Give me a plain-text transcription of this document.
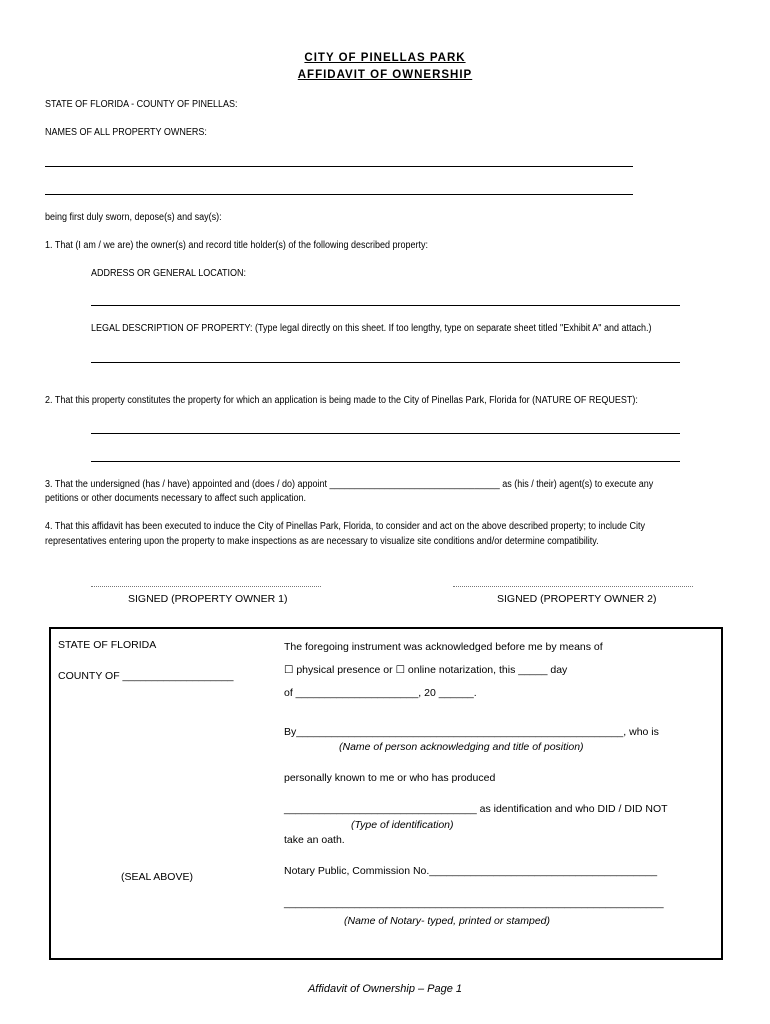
CITY OF PINELLAS PARK
AFFIDAVIT OF OWNERSHIP
STATE OF FLORIDA - COUNTY OF PINELLAS:
NAMES OF ALL PROPERTY OWNERS:
being first duly sworn, depose(s) and say(s):
1. That (I am / we are) the owner(s) and record title holder(s) of the following described property:
ADDRESS OR GENERAL LOCATION:
LEGAL DESCRIPTION OF PROPERTY: (Type legal directly on this sheet. If too lengthy, type on separate sheet titled "Exhibit A" and attach.)
2. That this property constitutes the property for which an application is being made to the City of Pinellas Park, Florida for (NATURE OF REQUEST):
3. That the undersigned (has / have) appointed and (does / do) appoint __________________________________ as (his / their) agent(s) to execute any
petitions or other documents necessary to affect such application.
4. That this affidavit has been executed to induce the City of Pinellas Park, Florida, to consider and act on the above described property; to include City
representatives entering upon the property to make inspections as are necessary to visualize site conditions and/or determine compatibility.
SIGNED (PROPERTY OWNER 1)	SIGNED (PROPERTY OWNER 2)
STATE OF FLORIDA
COUNTY OF ___________________
The foregoing instrument was acknowledged before me by means of
☐ physical presence or ☐ online notarization, this _____ day
of _____________________, 20 ______.
By________________________________________________________, who is
(Name of person acknowledging and title of position)
personally known to me or who has produced
_________________________________ as identification and who DID / DID NOT
(Type of identification)
take an oath.
(SEAL ABOVE)	Notary Public, Commission No._______________________________________
_________________________________________________________________
(Name of Notary- typed, printed or stamped)
Affidavit of Ownership – Page 1
